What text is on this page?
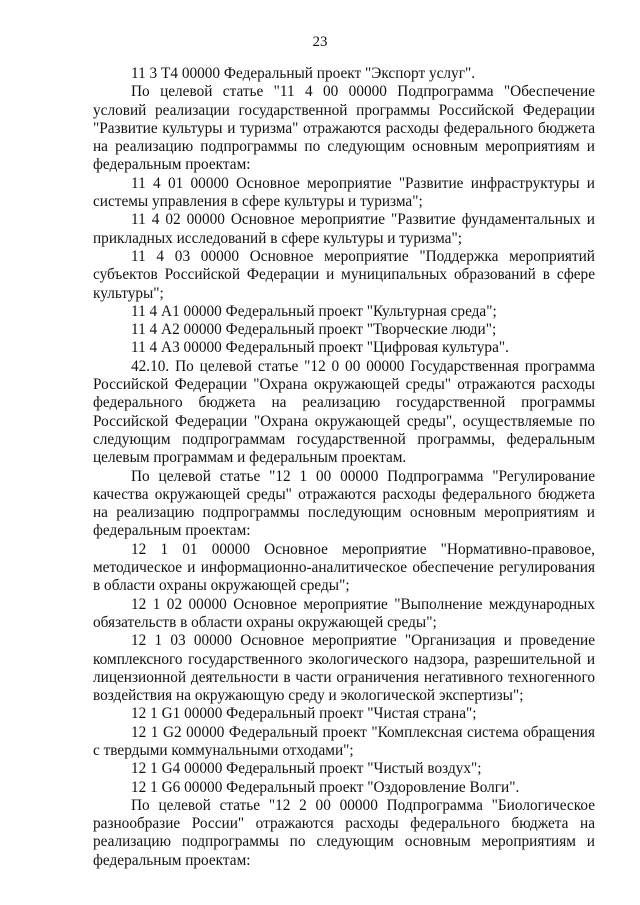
23

11 3 Т4 00000 Федеральный проект "Экспорт услуг".

По целевой статье "11 4 00 00000 Подпрограмма "Обеспечение условий реализации государственной программы Российской Федерации "Развитие культуры и туризма" отражаются расходы федерального бюджета на реализацию подпрограммы по следующим основным мероприятиям и федеральным проектам:

11 4 01 00000 Основное мероприятие "Развитие инфраструктуры и системы управления в сфере культуры и туризма";

11 4 02 00000 Основное мероприятие "Развитие фундаментальных и прикладных исследований в сфере культуры и туризма";

11 4 03 00000 Основное мероприятие "Поддержка мероприятий субъектов Российской Федерации и муниципальных образований в сфере культуры";

11 4 А1 00000 Федеральный проект "Культурная среда";

11 4 А2 00000 Федеральный проект "Творческие люди";

11 4 А3 00000 Федеральный проект "Цифровая культура".

42.10. По целевой статье "12 0 00 00000 Государственная программа Российской Федерации "Охрана окружающей среды" отражаются расходы федерального бюджета на реализацию государственной программы Российской Федерации "Охрана окружающей среды", осуществляемые по следующим подпрограммам государственной программы, федеральным целевым программам и федеральным проектам.

По целевой статье "12 1 00 00000 Подпрограмма "Регулирование качества окружающей среды" отражаются расходы федерального бюджета на реализацию подпрограммы последующим основным мероприятиям и федеральным проектам:

12 1 01 00000 Основное мероприятие "Нормативно-правовое, методическое и информационно-аналитическое обеспечение регулирования в области охраны окружающей среды";

12 1 02 00000 Основное мероприятие "Выполнение международных обязательств в области охраны окружающей среды";

12 1 03 00000 Основное мероприятие "Организация и проведение комплексного государственного экологического надзора, разрешительной и лицензионной деятельности в части ограничения негативного техногенного воздействия на окружающую среду и экологической экспертизы";

12 1 G1 00000 Федеральный проект "Чистая страна";

12 1 G2 00000 Федеральный проект "Комплексная система обращения с твердыми коммунальными отходами";

12 1 G4 00000 Федеральный проект "Чистый воздух";

12 1 G6 00000 Федеральный проект "Оздоровление Волги".

По целевой статье "12 2 00 00000 Подпрограмма "Биологическое разнообразие России" отражаются расходы федерального бюджета на реализацию подпрограммы по следующим основным мероприятиям и федеральным проектам:
